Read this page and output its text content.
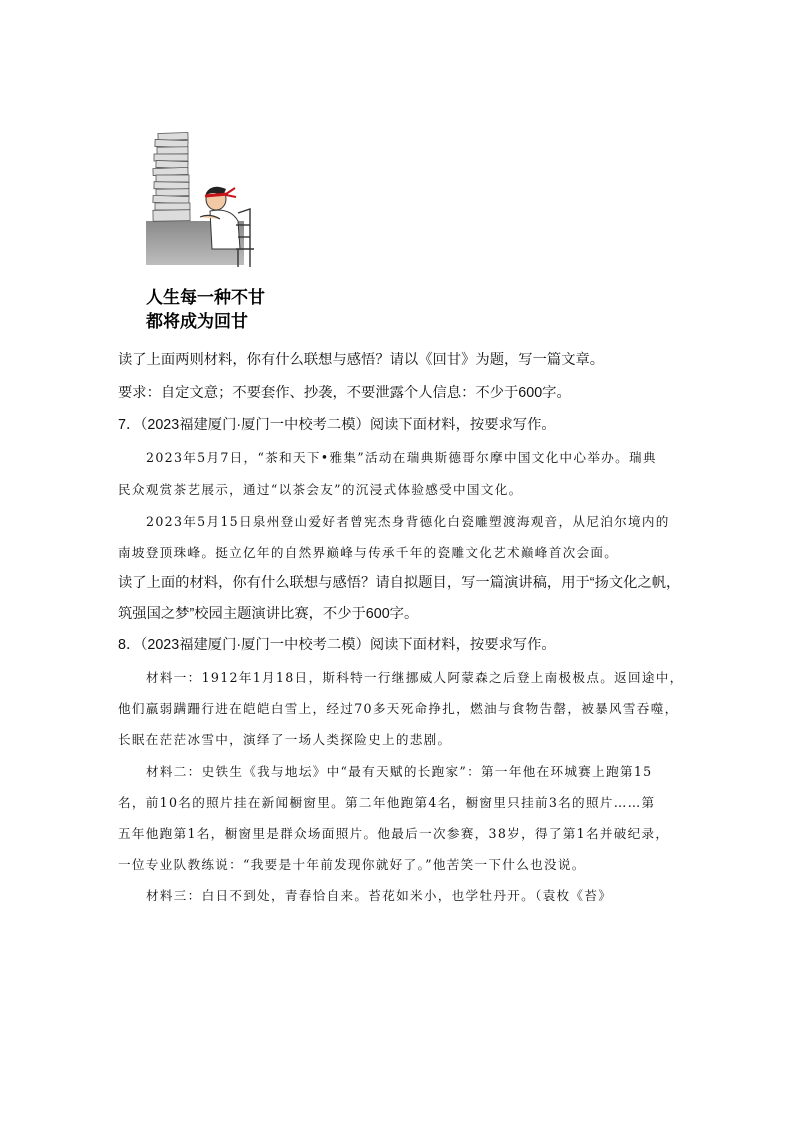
人生每一种不甘
都将成为回甘
读了上面两则材料，你有什么联想与感悟？请以《回甘》为题，写一篇文章。
要求：自定文意；不要套作、抄袭，不要泄露个人信息：不少于600字。
7．（2023福建厦门·厦门一中校考二模）阅读下面材料，按要求写作。
2023年5月7日，“茶和天下•雅集”活动在瑞典斯德哥尔摩中国文化中心举办。瑞典
民众观赏茶艺展示，通过“以茶会友”的沉浸式体验感受中国文化。
2023年5月15日泉州登山爱好者曾宪杰身背德化白瓷雕塑渡海观音，从尼泊尔境内的
南坡登顶珠峰。挺立亿年的自然界巅峰与传承千年的瓷雕文化艺术巅峰首次会面。
读了上面的材料，你有什么联想与感悟？请自拟题目，写一篇演讲稿，用于“扬文化之帆，
筑强国之梦”校园主题演讲比赛，不少于600字。
8．（2023福建厦门·厦门一中校考二模）阅读下面材料，按要求写作。
材料一：1912年1月18日，斯科特一行继挪威人阿蒙森之后登上南极极点。返回途中，
他们羸弱蹒跚行进在皑皑白雪上，经过70多天死命挣扎，燃油与食物告罄，被暴风雪吞噬，
长眠在茫茫冰雪中，演绎了一场人类探险史上的悲剧。
材料二：史铁生《我与地坛》中“最有天赋的长跑家”：第一年他在环城赛上跑第15
名，前10名的照片挂在新闻橱窗里。第二年他跑第4名，橱窗里只挂前3名的照片……第
五年他跑第1名，橱窗里是群众场面照片。他最后一次参赛，38岁，得了第1名并破纪录，
一位专业队教练说：“我要是十年前发现你就好了。”他苦笑一下什么也没说。
材料三：白日不到处，青春恰自来。苔花如米小，也学牡丹开。（袁枚《苔》
